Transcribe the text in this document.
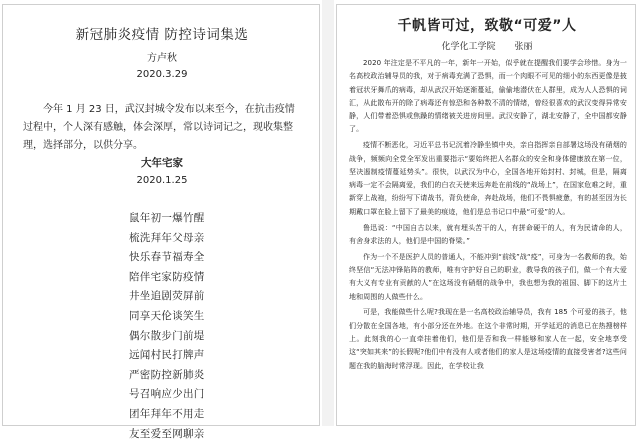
新冠肺炎疫情 防控诗词集选
方卢秋
2020.3.29

今年 1 月 23 日，武汉封城令发布以来至今，在抗击疫情过程中，个人深有感触，体会深厚，常以诗词记之，现收集整理，选择部分，以供分享。

大年宅家
2020.1.25
鼠年初一爆竹醒
梳洗拜年父母亲
快乐春节福寿全
陪伴宅家防疫情
井坐追剧荧屏前
同享天伦谈笑生
偶尔散步门前堤
远闻村民打牌声
严密防控新肺炎
号召响应少出门
团年拜年不用走
友至爱至网聊亲
千帆皆可过，致敬“可爱”人
化学化工学院 张丽

2020 年注定是不平凡的一年，新年一开始，似乎就在提醒我们要学会珍惜。身为一名高校政治辅导员的我，对于病毒充满了恐惧，而一个肉眼不可见的细小的东西更像是披着冠状牙舞爪的病毒，却从武汉开始逐渐蔓延，偷偷地潜伏在人群里，成为人人恐惧的词汇，从此散布开的除了病毒还有惊恐和各种数不清的情绪，曾经很喜欢的武汉变得异常安静，人们带着恐惧或焦躁的情绪被关进房间里。武汉安静了，湖北安静了，全中国都安静了。

疫情不断恶化，习近平总书记沉着冷静坐镇中央，亲自指挥亲自部署这场没有硝烟的战争，频频向全党全军发出重要指示“要始终把人名群众的安全和身体健康放在第一位，坚决遏制疫情蔓延势头”。很快，以武汉为中心，全国各地开始封村、封城，但是，隔离病毒一定不会隔离爱，我们的白衣天使来远奔赴在前线的“战场上”，在国家危难之时，重新穿上战袍，纷纷写下请战书，背负使命，奔赴战场，他们不畏惧疲惫，有的甚至因为长期戴口罩在脸上留下了最美的痕迹，他们是总书记口中最“可爱”的人。

鲁迅说：“中国自古以来，就有埋头苦干的人，有拼命硬干的人，有为民请命的人，有舍身求法的人，他们是中国的脊梁。”

作为一个不是医护人员的普通人，不能冲到“前线”战“疫”，可身为一名教师的我，始终坚信“无法冲锋陷阵的教师，唯有守护好自己的职业，教导我的孩子们，做一个有大爱有大义有专业有贡献的人”在这场没有硝烟的战争中，我也想为我的祖国、脚下的这片土地和周围的人做些什么。

可是，我能做些什么呢?我现在是一名高校政治辅导员，我有 185 个可爱的孩子，他们分散在全国各地，有小部分还在外地。在这个非常时期，开学延迟的消息已在热搜榜样上。此刻我的心一直牵挂着他们，他们是否和我一样能够和家人在一起，安全地享受这“突如其来”的长假呢?他们中有没有人或者他们的家人是这场疫情的直接受害者?这些问题在我的脑海时常浮现。因此，在学校让我
